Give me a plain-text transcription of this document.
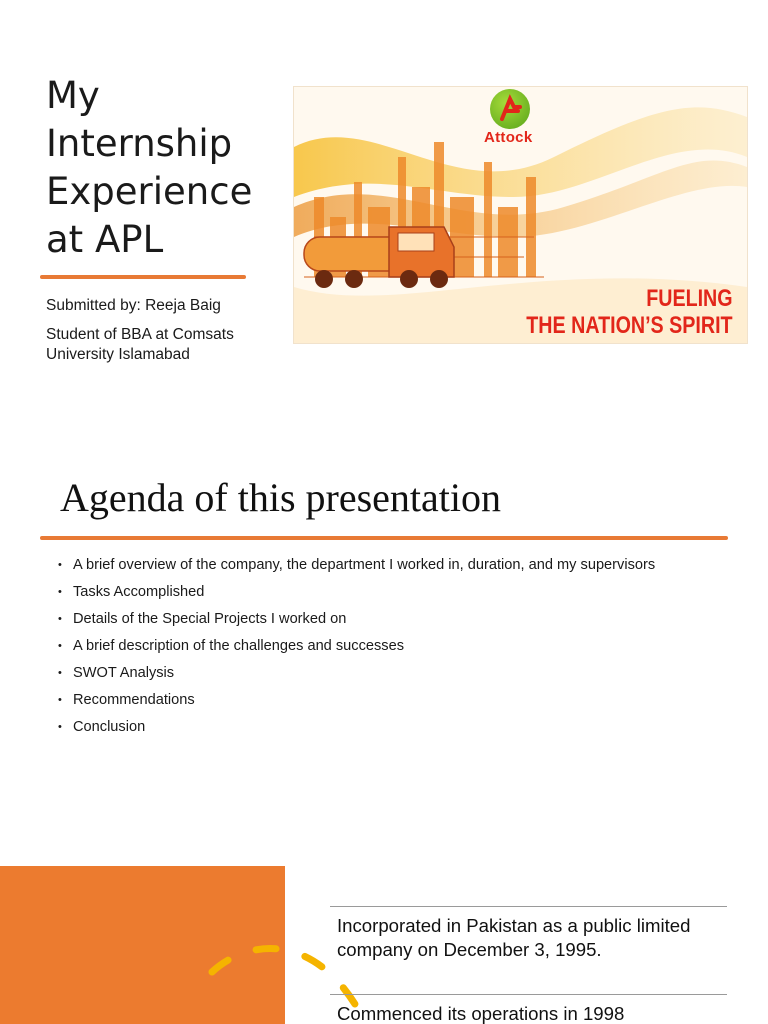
My
Internship
Experience
at APL

Submitted by: Reeja Baig

Student of BBA at Comsats University Islamabad

Attock
FUELING
THE NATION’S SPIRIT
Agenda of this presentation
• A brief overview of the company, the department I worked in, duration, and my supervisors
• Tasks Accomplished
• Details of the Special Projects I worked on
• A brief description of the challenges and successes
• SWOT Analysis
• Recommendations
• Conclusion

Incorporated in Pakistan as a public limited company on December 3, 1995.

Commenced its operations in 1998
